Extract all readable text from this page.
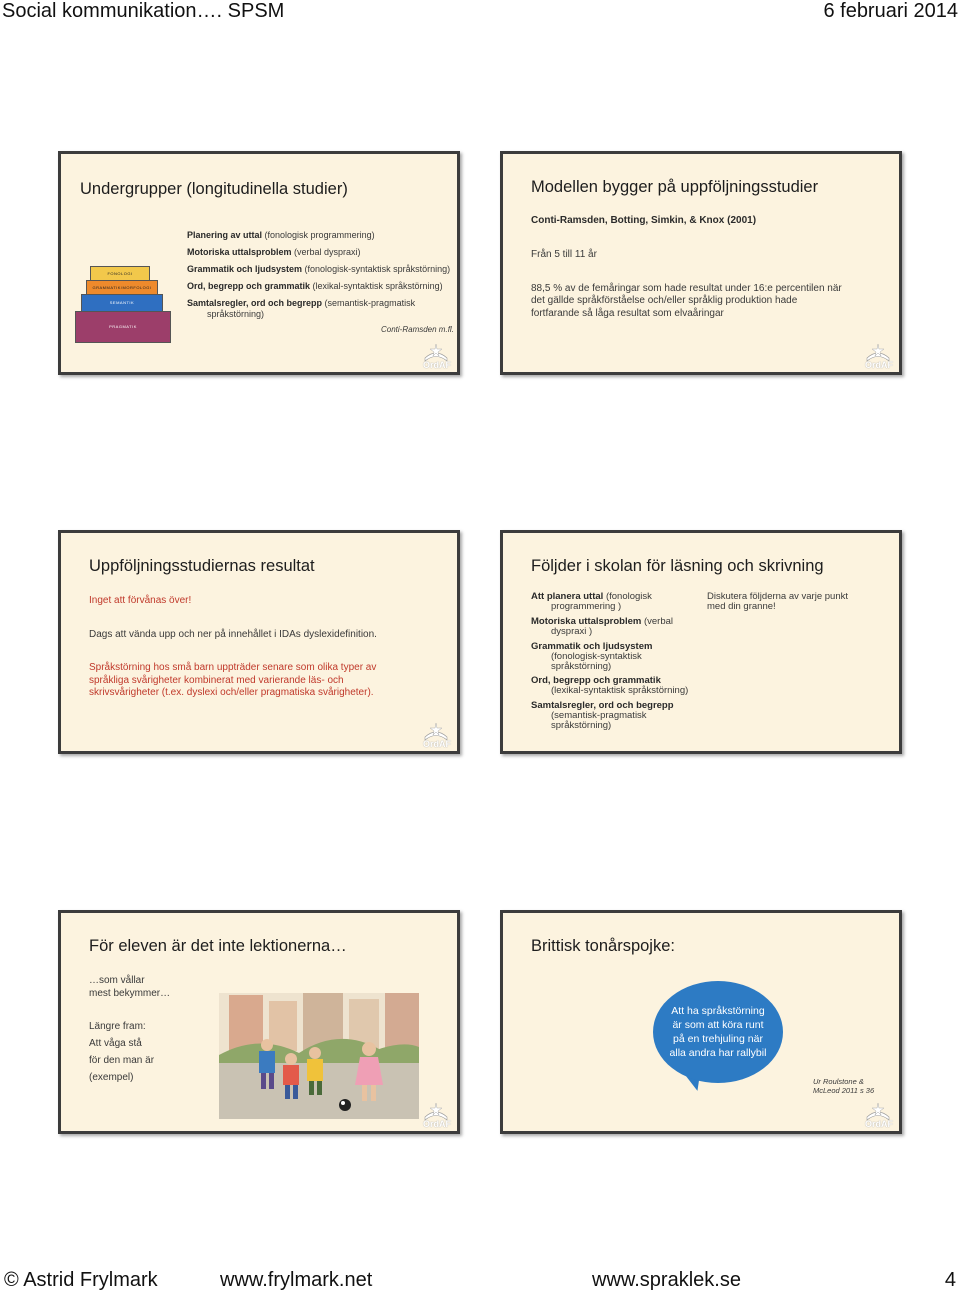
Social kommunikation…. SPSM	6 februari 2014
Undergrupper (longitudinella studier)
FONOLOGI
GRAMMATIK/MORFOLOGI
SEMANTIK
PRAGMATIK
Planering av uttal (fonologisk programmering)
Motoriska uttalsproblem (verbal dyspraxi)
Grammatik och ljudsystem (fonologisk-syntaktisk språkstörning)
Ord, begrepp och grammatik (lexikal-syntaktisk språkstörning)
Samtalsregler, ord och begrepp (semantisk-pragmatisk
språkstörning)
Conti-Ramsden m.fl.
OrdAF
Modellen bygger på uppföljningsstudier
Conti-Ramsden, Botting, Simkin, & Knox (2001)
Från 5 till 11 år
88,5 % av de femåringar som hade resultat under 16:e percentilen när
det gällde språkförståelse och/eller språklig produktion hade
fortfarande så låga resultat som elvaåringar
OrdAF
Uppföljningsstudiernas resultat
Inget att förvånas över!
Dags att vända upp och ner på innehållet i IDAs dyslexidefinition.
Språkstörning hos små barn uppträder senare som olika typer av
språkliga svårigheter kombinerat med varierande läs- och
skrivsvårigheter (t.ex. dyslexi och/eller pragmatiska svårigheter).
OrdAF
Följder i skolan för läsning och skrivning
Att planera uttal (fonologisk
programmering )
Motoriska uttalsproblem (verbal
dyspraxi )
Grammatik och ljudsystem
(fonologisk-syntaktisk
språkstörning)
Ord, begrepp och grammatik
(lexikal-syntaktisk språkstörning)
Samtalsregler, ord och begrepp
(semantisk-pragmatisk
språkstörning)
Diskutera följderna av varje punkt
med din granne!
För eleven är det inte lektionerna…
…som vållar
mest bekymmer…
Längre fram:
Att våga stå
för den man är
(exempel)
OrdAF
Brittisk tonårspojke:
Att ha språkstörning är som att köra runt på en trehjuling när alla andra har rallybil
Ur Roulstone &
McLeod 2011 s 36
OrdAF
© Astrid Frylmark	www.frylmark.net	www.spraklek.se	4
